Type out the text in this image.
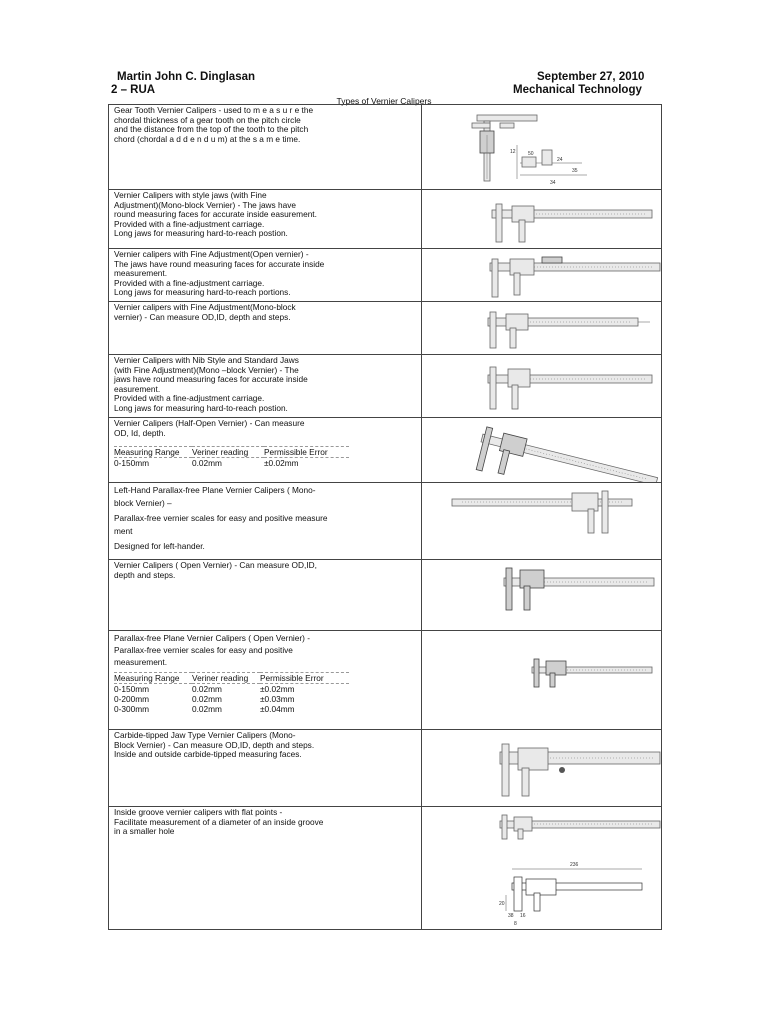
Martin John C. Dinglasan	September 27, 2010
2 – RUA	Mechanical Technology
Types of Vernier Calipers
Gear Tooth Vernier Calipers - used to m e a s u r e the
chordal thickness of a gear tooth on the pitch circle
and the distance from the top of the tooth to the pitch
chord (chordal a d d e n d u m) at the s a m e time.

50
24
35
12
34

Vernier Calipers with style jaws (with Fine
Adjustment)(Mono-block Vernier) - The jaws have
round measuring faces for accurate inside easurement.
Provided with a fine-adjustment carriage.
Long jaws for measuring hard-to-reach postion.

Vernier calipers with Fine Adjustment(Open vernier) -
The jaws have round measuring faces for accurate inside
measurement.
Provided with a fine-adjustment carriage.
Long jaws for measuring hard-to-reach portions.

Vernier calipers with Fine Adjustment(Mono-block
vernier) - Can measure OD,ID, depth and steps.

Vernier Calipers with Nib Style and Standard Jaws
(with Fine Adjustment)(Mono –block Vernier) - The
jaws have round measuring faces for accurate inside
easurement.
Provided with a fine-adjustment carriage.
Long jaws for measuring hard-to-reach postion.

Vernier Calipers (Half-Open Vernier) - Can measure
OD, Id, depth.

Measuring Range	Veriner reading	Permissible Error

0-150mm	0.02mm	±0.02mm

Left-Hand Parallax-free Plane Vernier Calipers ( Mono-
block Vernier) –
Parallax-free vernier scales for easy and positive measure
ment
Designed for left-hander.

Vernier Calipers ( Open Vernier) - Can measure OD,ID,
depth and steps.

Parallax-free Plane Vernier Calipers ( Open Vernier) -
Parallax-free vernier scales for easy and positive
measurement.

Measuring Range	Veriner reading	Permissible Error

0-150mm	0.02mm	±0.02mm
0-200mm	0.02mm	±0.03mm
0-300mm	0.02mm	±0.04mm

Carbide-tipped Jaw Type Vernier Calipers (Mono-
Block Vernier) - Can measure OD,ID, depth and steps.
Inside and outside carbide-tipped measuring faces.

Inside groove vernier calipers with flat points -
Facilitate measurement of a diameter of an inside groove
in a smaller hole

236
20
38 16
8
